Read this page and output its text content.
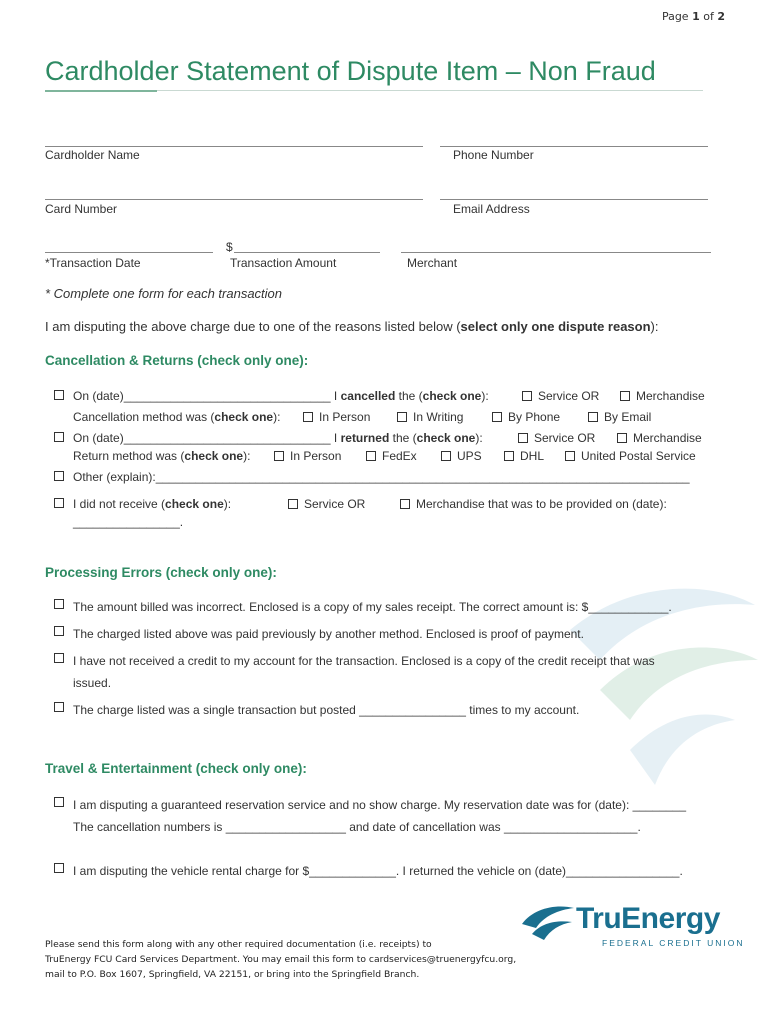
Page 1 of 2
Cardholder Statement of Dispute Item – Non Fraud
Cardholder Name	Phone Number
Card Number	Email Address
$
*Transaction Date	Transaction Amount	Merchant
* Complete one form for each transaction
I am disputing the above charge due to one of the reasons listed below (select only one dispute reason):
Cancellation & Returns (check only one):
On (date)_______________________________ I cancelled the (check one):	Service OR	Merchandise
Cancellation method was (check one):	In Person	In Writing	By Phone	By Email
On (date)_______________________________ I returned the (check one):	Service OR	Merchandise
Return method was (check one):	In Person	FedEx	UPS	DHL	United Postal Service
Other (explain):________________________________________________________________________________
I did not receive (check one):	Service OR	Merchandise that was to be provided on (date):
________________.
Processing Errors (check only one):
The amount billed was incorrect. Enclosed is a copy of my sales receipt. The correct amount is: $____________.
The charged listed above was paid previously by another method. Enclosed is proof of payment.
I have not received a credit to my account for the transaction. Enclosed is a copy of the credit receipt that was
issued.
The charge listed was a single transaction but posted ________________ times to my account.
Travel & Entertainment (check only one):
I am disputing a guaranteed reservation service and no show charge. My reservation date was for (date): ________
The cancellation numbers is __________________ and date of cancellation was ____________________.
I am disputing the vehicle rental charge for $_____________. I returned the vehicle on (date)_________________.
Please send this form along with any other required documentation (i.e. receipts) to
TruEnergy FCU Card Services Department. You may email this form to cardservices@truenergyfcu.org,
mail to P.O. Box 1607, Springfield, VA 22151, or bring into the Springfield Branch.
TruEnergy
FEDERAL CREDIT UNION
